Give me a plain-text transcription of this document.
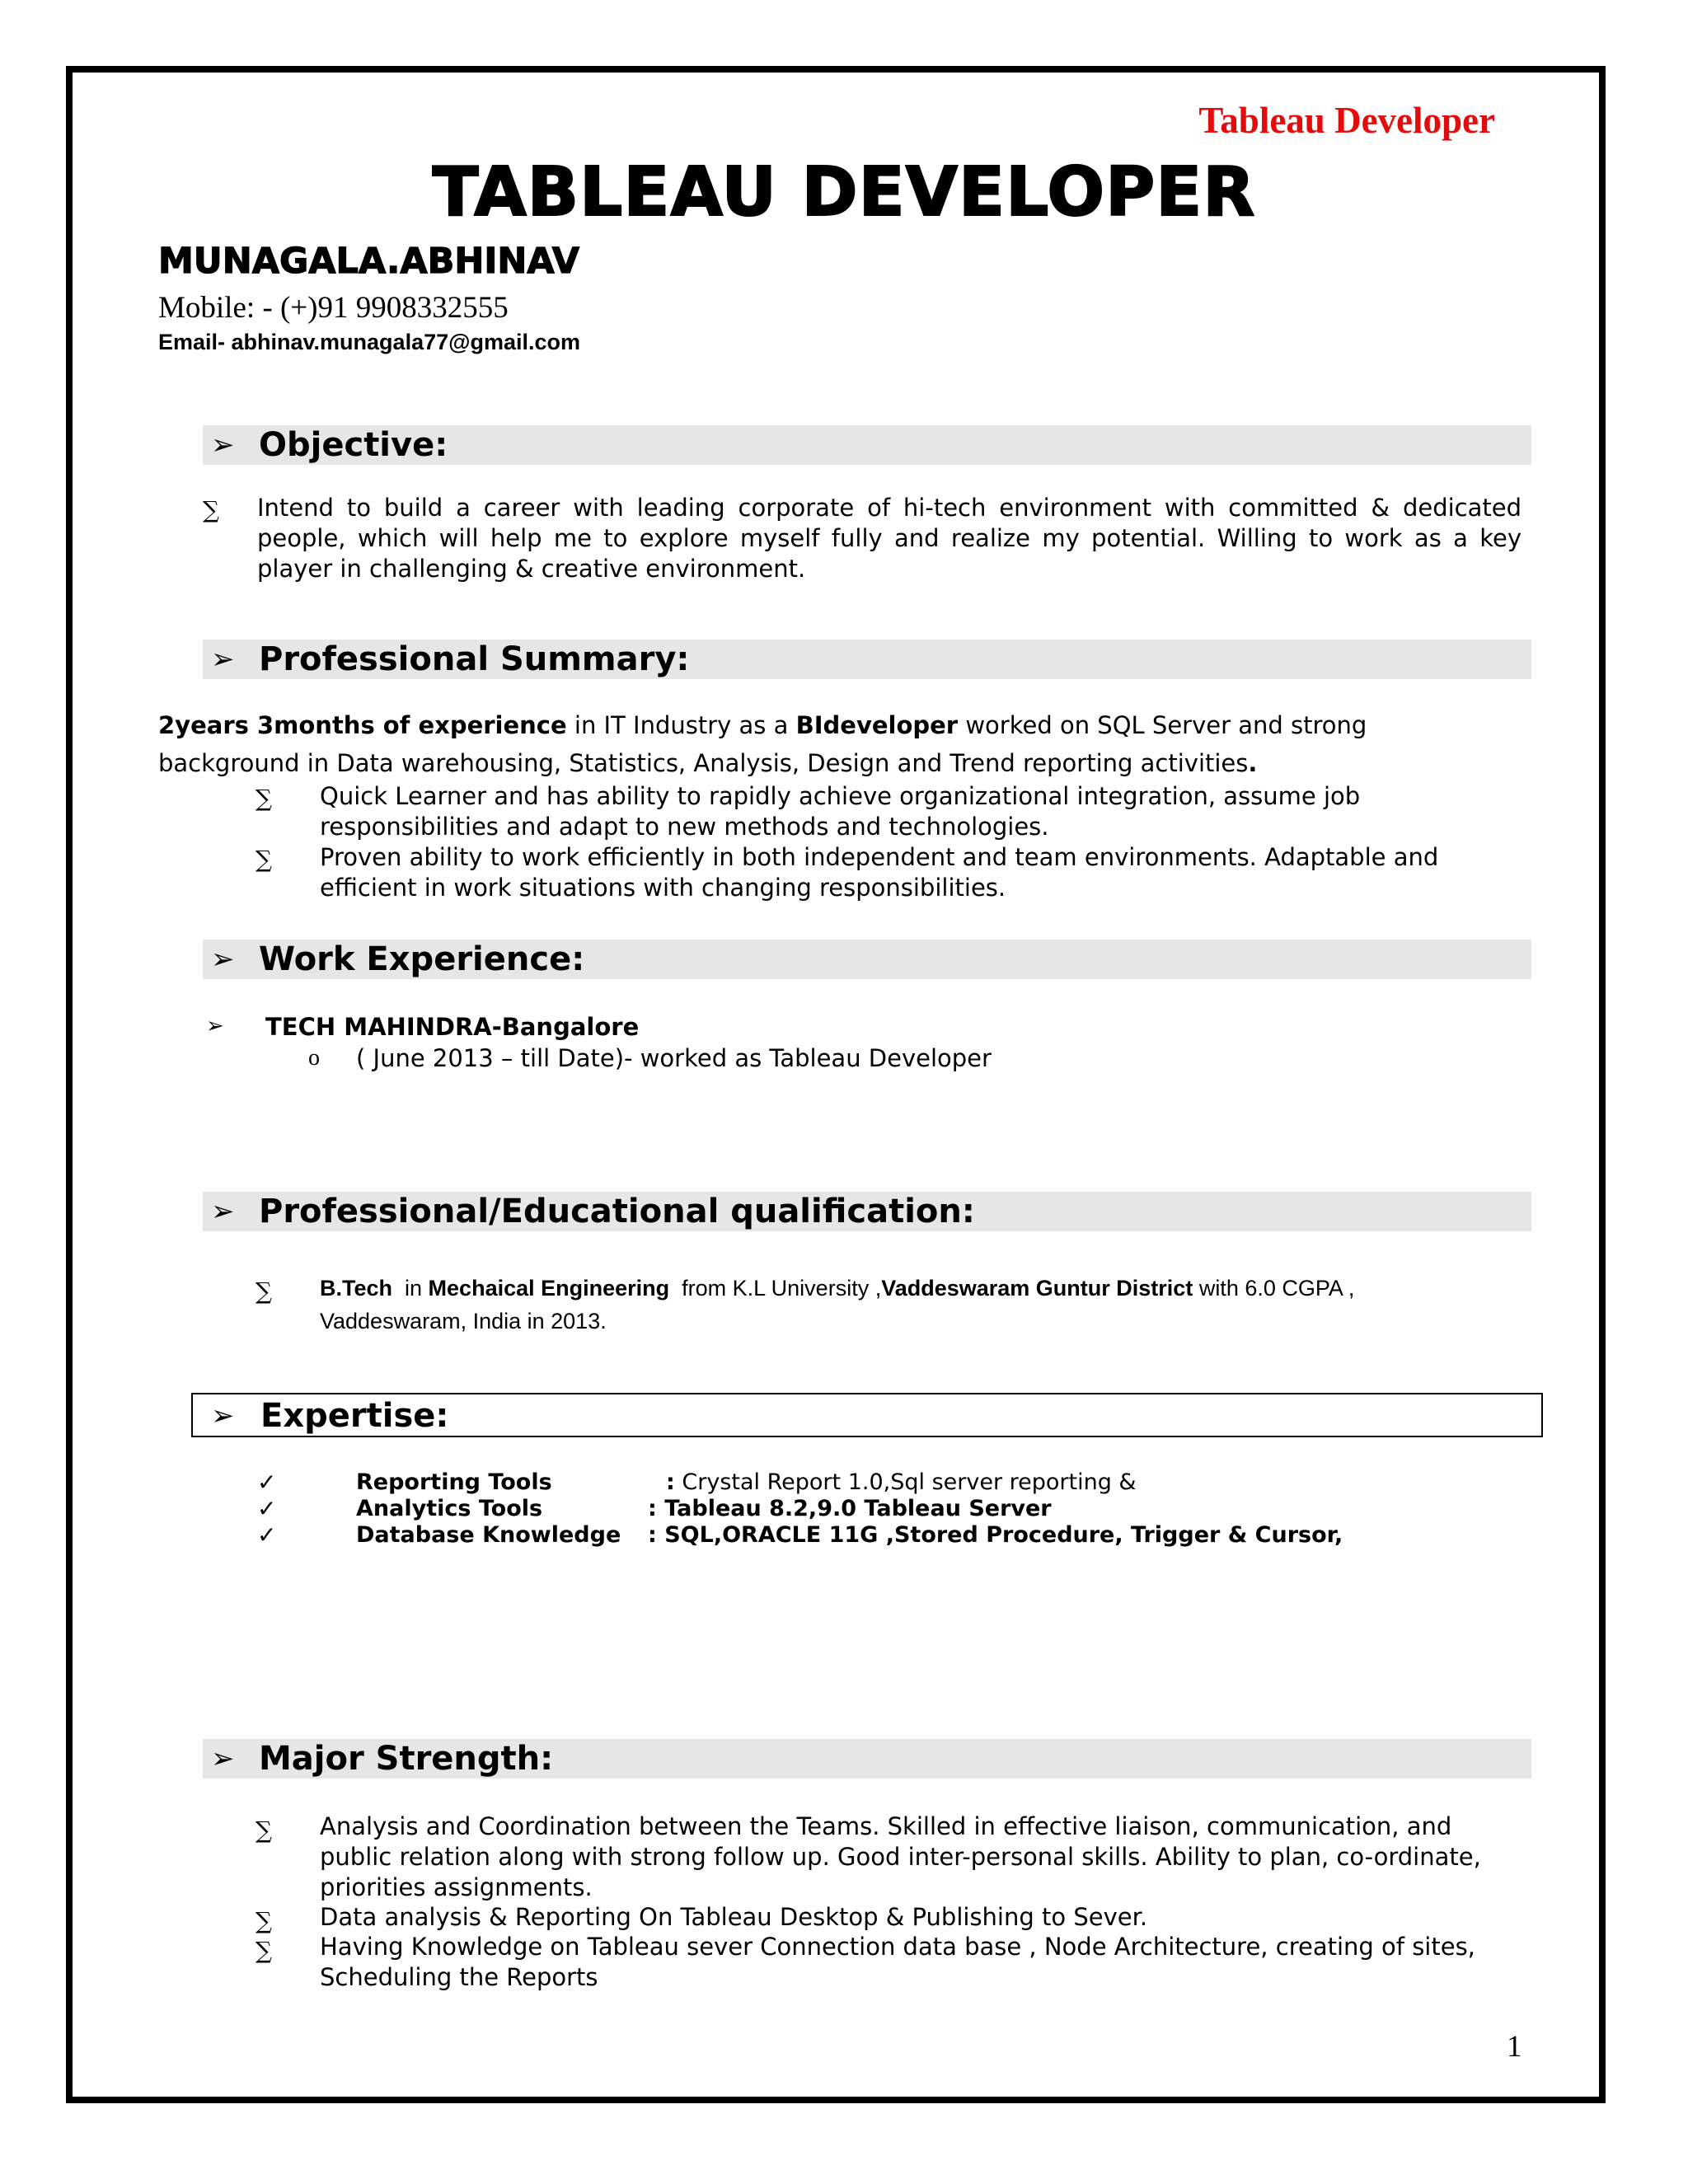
Tableau Developer
TABLEAU DEVELOPER
MUNAGALA.ABHINAV
Mobile: - (+)91 9908332555
Email- abhinav.munagala77@gmail.com
➢ Objective:
∑ Intend to build a career with leading corporate of hi-tech environment with committed & dedicated people, which will help me to explore myself fully and realize my potential. Willing to work as a key player in challenging & creative environment.
➢ Professional Summary:
2years 3months of experience in IT Industry as a BIdeveloper worked on SQL Server and strong
background in Data warehousing, Statistics, Analysis, Design and Trend reporting activities.
∑ Quick Learner and has ability to rapidly achieve organizational integration, assume job responsibilities and adapt to new methods and technologies.
∑ Proven ability to work efficiently in both independent and team environments. Adaptable and efficient in work situations with changing responsibilities.
➢ Work Experience:
➢ TECH MAHINDRA-Bangalore
o ( June 2013 – till Date)- worked as Tableau Developer
➢ Professional/Educational qualification:
∑ B.Tech  in Mechaical Engineering  from K.L University ,Vaddeswaram Guntur District with 6.0 CGPA ,
Vaddeswaram, India in 2013.
➢ Expertise:
✓	Reporting Tools	: Crystal Report 1.0,Sql server reporting &
✓	Analytics Tools	: Tableau 8.2,9.0 Tableau Server
✓	Database Knowledge : SQL,ORACLE 11G ,Stored Procedure, Trigger & Cursor,
➢ Major Strength:
∑ Analysis and Coordination between the Teams. Skilled in effective liaison, communication, and public relation along with strong follow up. Good inter-personal skills. Ability to plan, co-ordinate, priorities assignments.
∑ Data analysis & Reporting On Tableau Desktop & Publishing to Sever.
∑ Having Knowledge on Tableau sever Connection data base , Node Architecture, creating of sites, Scheduling the Reports
1
